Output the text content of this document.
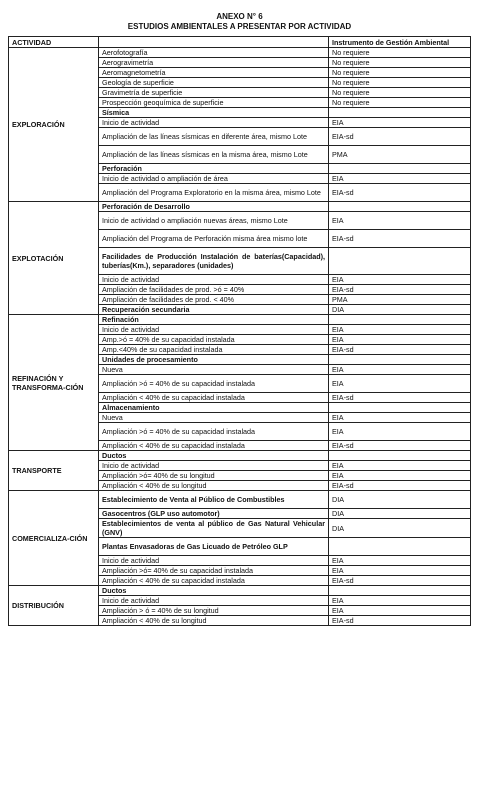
ANEXO N° 6
ESTUDIOS AMBIENTALES A PRESENTAR POR ACTIVIDAD
ACTIVIDAD		Instrumento de Gestión Ambiental
EXPLORACIÓN	Aerofotografía	No requiere
	Aerogravimetría	No requiere
	Aeromagnetometría	No requiere
	Geología de superficie	No requiere
	Gravimetría de superficie	No requiere
	Prospección geoquímica de superficie	No requiere
	Sísmica	
	Inicio de actividad	EIA
	Ampliación de las líneas sísmicas en diferente área, mismo Lote	EIA-sd
	Ampliación de las líneas sísmicas en la misma área, mismo Lote	PMA
	Perforación	
	Inicio de actividad o ampliación de área	EIA
	Ampliación del Programa Exploratorio en la misma área, mismo Lote	EIA-sd
EXPLOTACIÓN	Perforación de Desarrollo	
	Inicio de actividad o ampliación nuevas áreas, mismo Lote	EIA
	Ampliación del Programa de Perforación misma área mismo lote	EIA-sd
	Facilidades de Producción Instalación de baterías(Capacidad), tuberías(Km.), separadores (unidades)	
	Inicio de actividad	EIA
	Ampliación de facilidades de prod. >ó = 40%	EIA-sd
	Ampliación de facilidades de prod. < 40%	PMA
	Recuperación secundaria	DIA
REFINACIÓN Y TRANSFORMA-CIÓN	Refinación	
	Inicio de actividad	EIA
	Amp.>ó = 40% de su capacidad instalada	EIA
	Amp.<40% de su capacidad instalada	EIA-sd
	Unidades de procesamiento	
	Nueva	EIA
	Ampliación >ó = 40% de su capacidad instalada	EIA
	Ampliación < 40% de su capacidad instalada	EIA-sd
	Almacenamiento	
	Nueva	EIA
	Ampliación >ó = 40% de su capacidad instalada	EIA
	Ampliación < 40% de su capacidad instalada	EIA-sd
TRANSPORTE	Ductos	
	Inicio de actividad	EIA
	Ampliación >ó= 40% de su longitud	EIA
	Ampliación < 40% de su longitud	EIA-sd
COMERCIALIZA-CIÓN	Establecimiento de Venta al Público de Combustibles	DIA
	Gasocentros (GLP uso automotor)	DIA
	Establecimientos de venta al público de Gas Natural Vehicular (GNV)	DIA
	Plantas Envasadoras de Gas Licuado de Petróleo GLP	
	Inicio de actividad	EIA
	Ampliación >ó= 40% de su capacidad instalada	EIA
	Ampliación < 40% de su capacidad instalada	EIA-sd
DISTRIBUCIÓN	Ductos	
	Inicio de actividad	EIA
	Ampliación > ó = 40% de su longitud	EIA
	Ampliación < 40% de su longitud	EIA-sd
